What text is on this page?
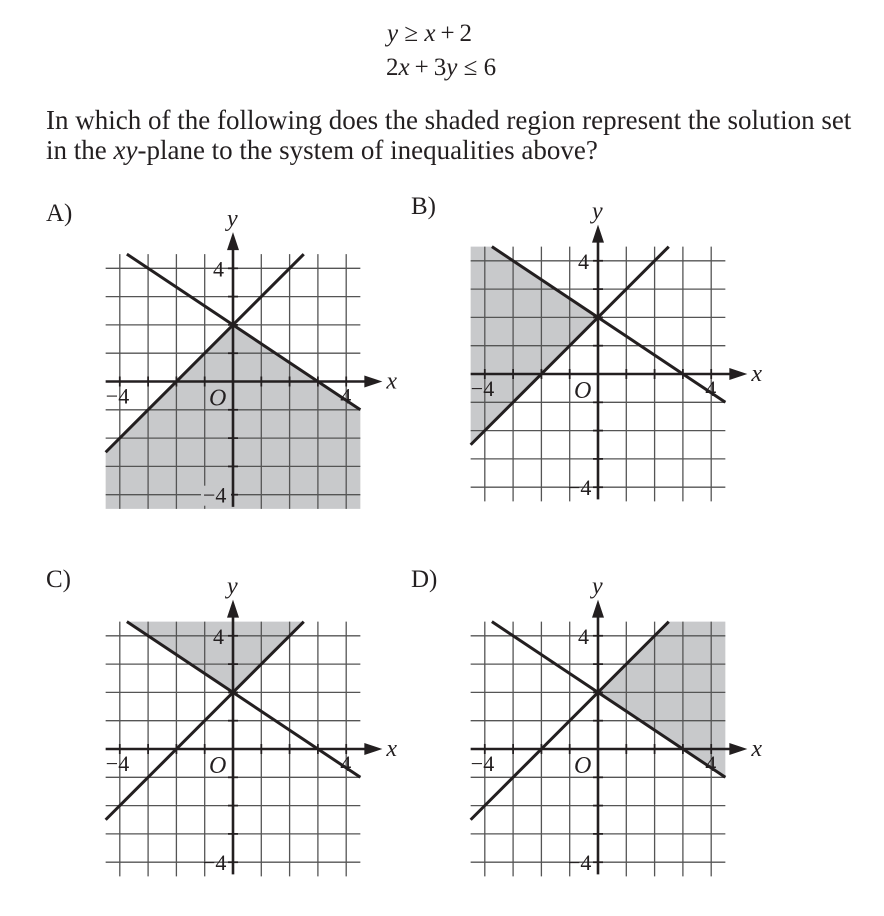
y ≥ x + 2
2x + 3y ≤ 6
In which of the following does the shaded region represent the solution set in the xy-plane to the system of inequalities above?
A)	B)
C)	D)
−4	4
4
−4
O
x
y
−4	4
4
−4
O
x
y
−4	4
4
−4
O
x
y
−4	4
4
−4
O
x
y
